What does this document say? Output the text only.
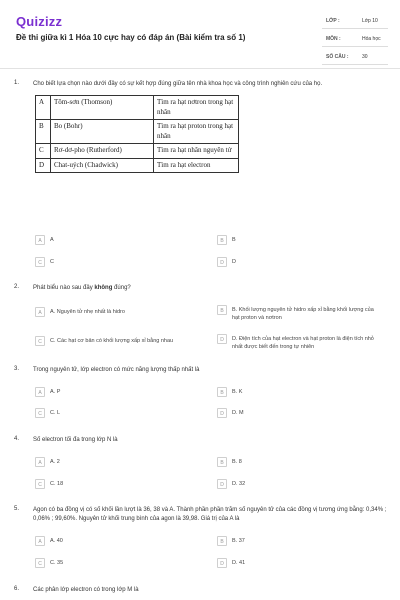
Quizizz
Đề thi giữa kì 1 Hóa 10 cực hay có đáp án (Bài kiểm tra số 1)
LỚP :	Lớp 10
MÔN :	Hóa học
SỐ CÂU :	30
1. Cho biết lựa chọn nào dưới đây có sự kết hợp đúng giữa tên nhà khoa học và công trình nghiên cứu của họ.
A	Tôm-sơn (Thomson)	Tìm ra hạt nơtron trong hạt nhân
B	Bo (Bohr)	Tìm ra hạt proton trong hạt nhân
C	Rơ-dơ-pho (Rutherford)	Tìm ra hạt nhân nguyên tử
D	Chat-uých (Chadwick)	Tìm ra hạt electron
A	A	B	B
C	C	D	D
2. Phát biểu nào sau đây không đúng?
A	A. Nguyên tử nhẹ nhất là hidro	B	B. Khối lượng nguyên tử hidro xấp xỉ bằng khối lượng của hạt proton và nơtron
C	C. Các hạt cơ bản có khối lượng xấp xỉ bằng nhau	D	D. Điện tích của hạt electron và hạt proton là điện tích nhỏ nhất được biết đến trong tự nhiên
3. Trong nguyên tử, lớp electron có mức năng lượng thấp nhất là
A	A. P	B	B. K
C	C. L	D	D. M
4. Số electron tối đa trong lớp N là
A	A. 2	B	B. 8
C	C. 18	D	D. 32
5. Agon có ba đồng vị có số khối lần lượt là 36, 38 và A. Thành phần phần trăm số nguyên tử của các đồng vị tương ứng bằng: 0,34% ; 0,06% ; 99,60%. Nguyên tử khối trung bình của agon là 39,98. Giá trị của A là
A	A. 40	B	B. 37
C	C. 35	D	D. 41
6. Các phân lớp electron có trong lớp M là
